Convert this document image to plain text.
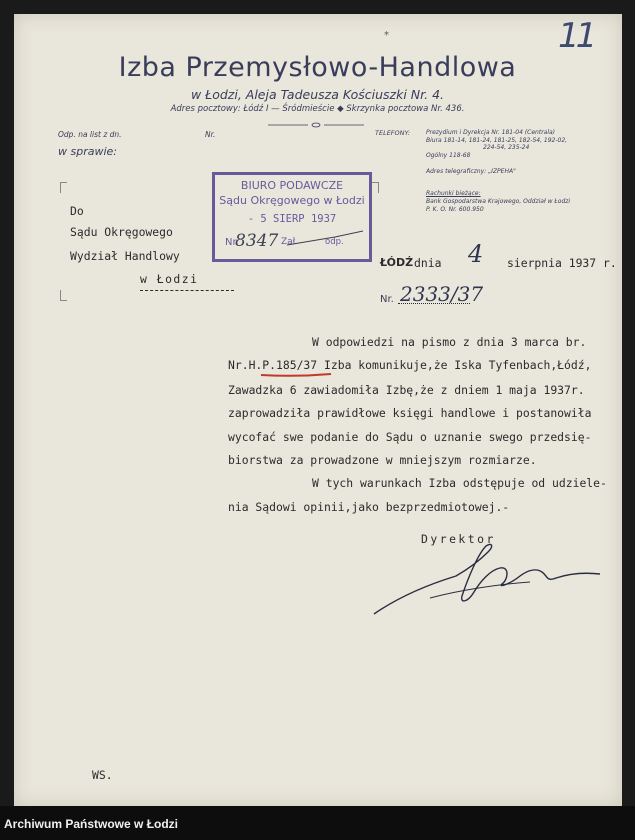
11
*
Izba Przemysłowo-Handlowa
w Łodzi, Aleja Tadeusza Kościuszki Nr. 4.
Adres pocztowy: Łódź I — Śródmieście ◆ Skrzynka pocztowa Nr. 436.
Odp. na list z dn.	Nr.
w sprawie:
TELEFONY:	Prezydium i Dyrekcja Nr. 181-04 (Centrala)
Biura 181-14, 181-24, 181-25, 182-54, 192-02,
224-54, 235-24
Ogólny 118-68
Adres telegraficzny: „IZPEHA"
Rachunki bieżące:
Bank Gospodarstwa Krajowego, Oddział w Łodzi
P. K. O. Nr. 600.950
BIURO PODAWCZE
Sądu Okręgowego w Łodzi
- 5 SIERP 1937
Nr.	Zał	odp.
8347
Do
Sądu Okręgowego
Wydział Handlowy
w Łodzi
ŁÓDŹ dnia 4 sierpnia 1937 r.
Nr. 2333/37
W odpowiedzi na pismo z dnia 3 marca br.
Nr.H.P.185/37 Izba komunikuje,że Iska Tyfenbach,Łódź,
Zawadzka 6 zawiadomiła Izbę,że z dniem 1 maja 1937r.
zaprowadziła prawidłowe księgi handlowe i postanowiła
wycofać swe podanie do Sądu o uznanie swego przedsię-
biorstwa za prowadzone w mniejszym rozmiarze.
W tych warunkach Izba odstępuje od udziele-
nia Sądowi opinii,jako bezprzedmiotowej.-
Dyrektor
WS.
Archiwum Państwowe w Łodzi
